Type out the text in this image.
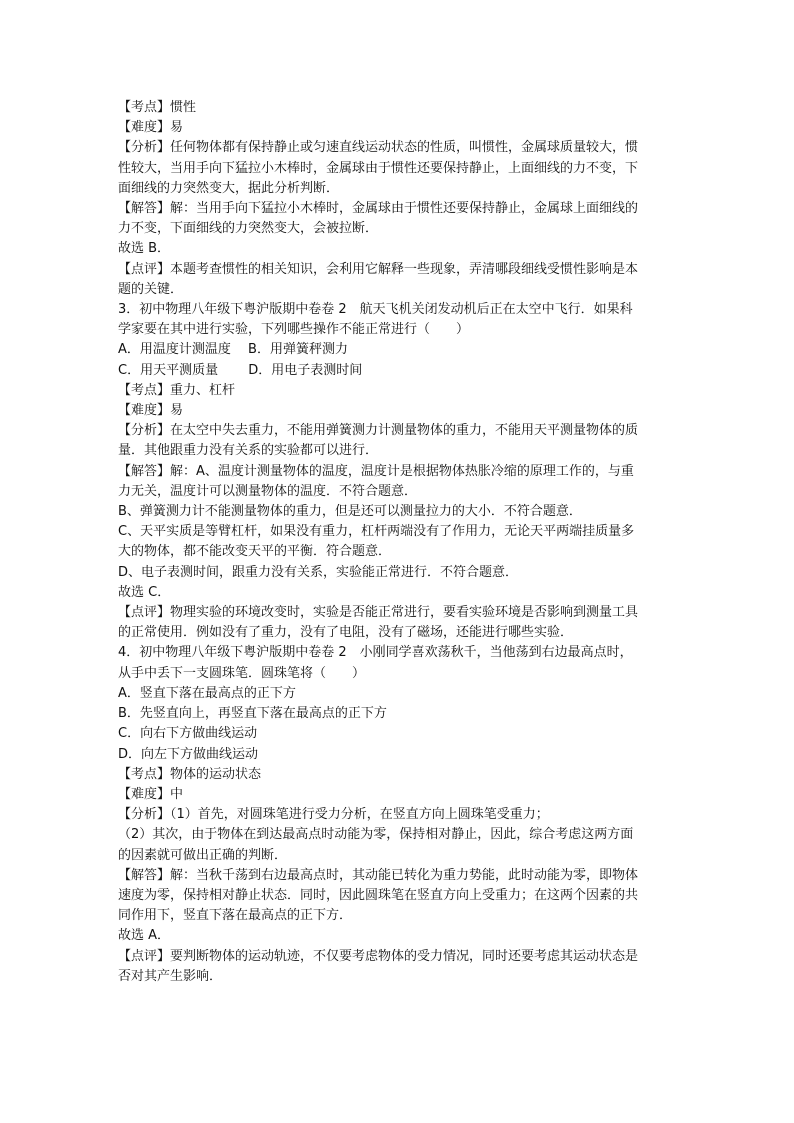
【考点】惯性
【难度】易
【分析】任何物体都有保持静止或匀速直线运动状态的性质，叫惯性，金属球质量较大，惯
性较大，当用手向下猛拉小木棒时，金属球由于惯性还要保持静止，上面细线的力不变，下
面细线的力突然变大，据此分析判断．
【解答】解：当用手向下猛拉小木棒时，金属球由于惯性还要保持静止，金属球上面细线的
力不变，下面细线的力突然变大，会被拉断．
故选 B．
【点评】本题考查惯性的相关知识，会利用它解释一些现象，弄清哪段细线受惯性影响是本
题的关键．
3．初中物理八年级下粤沪版期中卷卷 2　航天飞机关闭发动机后正在太空中飞行．如果科
学家要在其中进行实验，下列哪些操作不能正常进行（　　）
A．用温度计测温度　 B．用弹簧秤测力
C．用天平测质量　　 D．用电子表测时间
【考点】重力、杠杆
【难度】易
【分析】在太空中失去重力，不能用弹簧测力计测量物体的重力，不能用天平测量物体的质
量．其他跟重力没有关系的实验都可以进行．
【解答】解：A、温度计测量物体的温度，温度计是根据物体热胀冷缩的原理工作的，与重
力无关，温度计可以测量物体的温度．不符合题意．
B、弹簧测力计不能测量物体的重力，但是还可以测量拉力的大小．不符合题意．
C、天平实质是等臂杠杆，如果没有重力，杠杆两端没有了作用力，无论天平两端挂质量多
大的物体，都不能改变天平的平衡．符合题意．
D、电子表测时间，跟重力没有关系，实验能正常进行．不符合题意．
故选 C．
【点评】物理实验的环境改变时，实验是否能正常进行，要看实验环境是否影响到测量工具
的正常使用．例如没有了重力，没有了电阻，没有了磁场，还能进行哪些实验．
4．初中物理八年级下粤沪版期中卷卷 2　小刚同学喜欢荡秋千，当他荡到右边最高点时，
从手中丢下一支圆珠笔．圆珠笔将（　　）
A．竖直下落在最高点的正下方
B．先竖直向上，再竖直下落在最高点的正下方
C．向右下方做曲线运动
D．向左下方做曲线运动
【考点】物体的运动状态
【难度】中
【分析】（1）首先，对圆珠笔进行受力分析，在竖直方向上圆珠笔受重力；
（2）其次，由于物体在到达最高点时动能为零，保持相对静止，因此，综合考虑这两方面
的因素就可做出正确的判断．
【解答】解：当秋千荡到右边最高点时，其动能已转化为重力势能，此时动能为零，即物体
速度为零，保持相对静止状态．同时，因此圆珠笔在竖直方向上受重力；在这两个因素的共
同作用下，竖直下落在最高点的正下方．
故选 A．
【点评】要判断物体的运动轨迹，不仅要考虑物体的受力情况，同时还要考虑其运动状态是
否对其产生影响．
